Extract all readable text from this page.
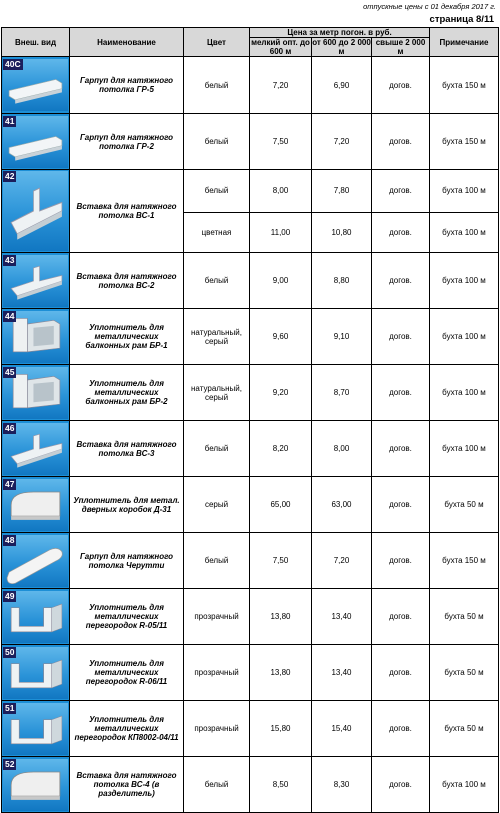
отпускные цены с 01 декабря 2017 г.
страница 8/11
Внеш. вид	Наименование	Цвет	Цена за метр погон. в руб.			Примечание
			мелкий опт. до 600 м	от 600 до 2 000 м	свыше 2 000 м	

40С	Гарпуп для натяжного потолка ГР-5	белый	7,20	6,90	догов.	бухта 150 м

41	Гарпуп для натяжного потолка ГР-2	белый	7,50	7,20	догов.	бухта 150 м

42	Вставка для натяжного потолка ВС-1	белый	8,00	7,80	догов.	бухта 100 м
		цветная	11,00	10,80	догов.	бухта 100 м

43	Вставка для натяжного потолка ВС-2	белый	9,00	8,80	догов.	бухта 100 м

44	Уплотнитель для металлических балконных рам БР-1	натуральный, серый	9,60	9,10	догов.	бухта 100 м

45	Уплотнитель для металлических балконных рам БР-2	натуральный, серый	9,20	8,70	догов.	бухта 100 м

46	Вставка для натяжного потолка ВС-3	белый	8,20	8,00	догов.	бухта 100 м

47	Уплотнитель для метал. дверных коробок Д-31	серый	65,00	63,00	догов.	бухта 50 м

48	Гарпуп для натяжного потолка Черутти	белый	7,50	7,20	догов.	бухта 150 м

49	Уплотнитель для металлических перегородок R-05/11	прозрачный	13,80	13,40	догов.	бухта 50 м

50	Уплотнитель для металлических перегородок R-06/11	прозрачный	13,80	13,40	догов.	бухта 50 м

51	Уплотнитель для металлических перегородок КП8002-04/11	прозрачный	15,80	15,40	догов.	бухта 50 м

52	Вставка для натяжного потолка ВС-4 (в разделитель)	белый	8,50	8,30	догов.	бухта 100 м
